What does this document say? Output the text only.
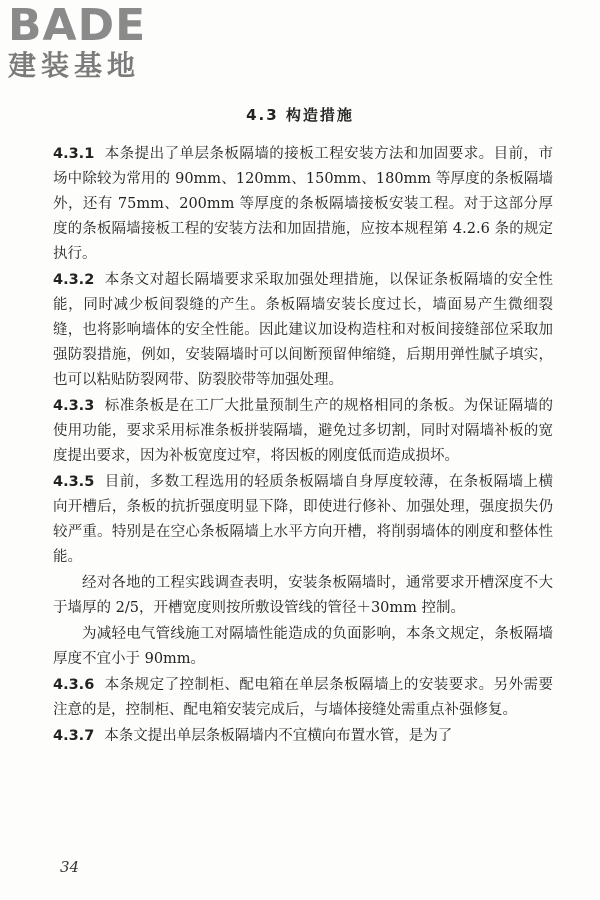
BADE
建装基地
4.3 构造措施

4.3.1 本条提出了单层条板隔墙的接板工程安装方法和加固要求。目前，市场中除较为常用的 90mm、120mm、150mm、180mm 等厚度的条板隔墙外，还有 75mm、200mm 等厚度的条板隔墙接板安装工程。对于这部分厚度的条板隔墙接板工程的安装方法和加固措施，应按本规程第 4.2.6 条的规定执行。

4.3.2 本条文对超长隔墙要求采取加强处理措施，以保证条板隔墙的安全性能，同时减少板间裂缝的产生。条板隔墙安装长度过长，墙面易产生微细裂缝，也将影响墙体的安全性能。因此建议加设构造柱和对板间接缝部位采取加强防裂措施，例如，安装隔墙时可以间断预留伸缩缝，后期用弹性腻子填实，也可以粘贴防裂网带、防裂胶带等加强处理。

4.3.3 标准条板是在工厂大批量预制生产的规格相同的条板。为保证隔墙的使用功能，要求采用标准条板拼装隔墙，避免过多切割，同时对隔墙补板的宽度提出要求，因为补板宽度过窄，将因板的刚度低而造成损坏。

4.3.5 目前，多数工程选用的轻质条板隔墙自身厚度较薄，在条板隔墙上横向开槽后，条板的抗折强度明显下降，即使进行修补、加强处理，强度损失仍较严重。特别是在空心条板隔墙上水平方向开槽，将削弱墙体的刚度和整体性能。

经对各地的工程实践调查表明，安装条板隔墙时，通常要求开槽深度不大于墙厚的 2/5，开槽宽度则按所敷设管线的管径＋30mm 控制。

为减轻电气管线施工对隔墙性能造成的负面影响，本条文规定，条板隔墙厚度不宜小于 90mm。

4.3.6 本条规定了控制柜、配电箱在单层条板隔墙上的安装要求。另外需要注意的是，控制柜、配电箱安装完成后，与墙体接缝处需重点补强修复。

4.3.7 本条文提出单层条板隔墙内不宜横向布置水管，是为了

34
